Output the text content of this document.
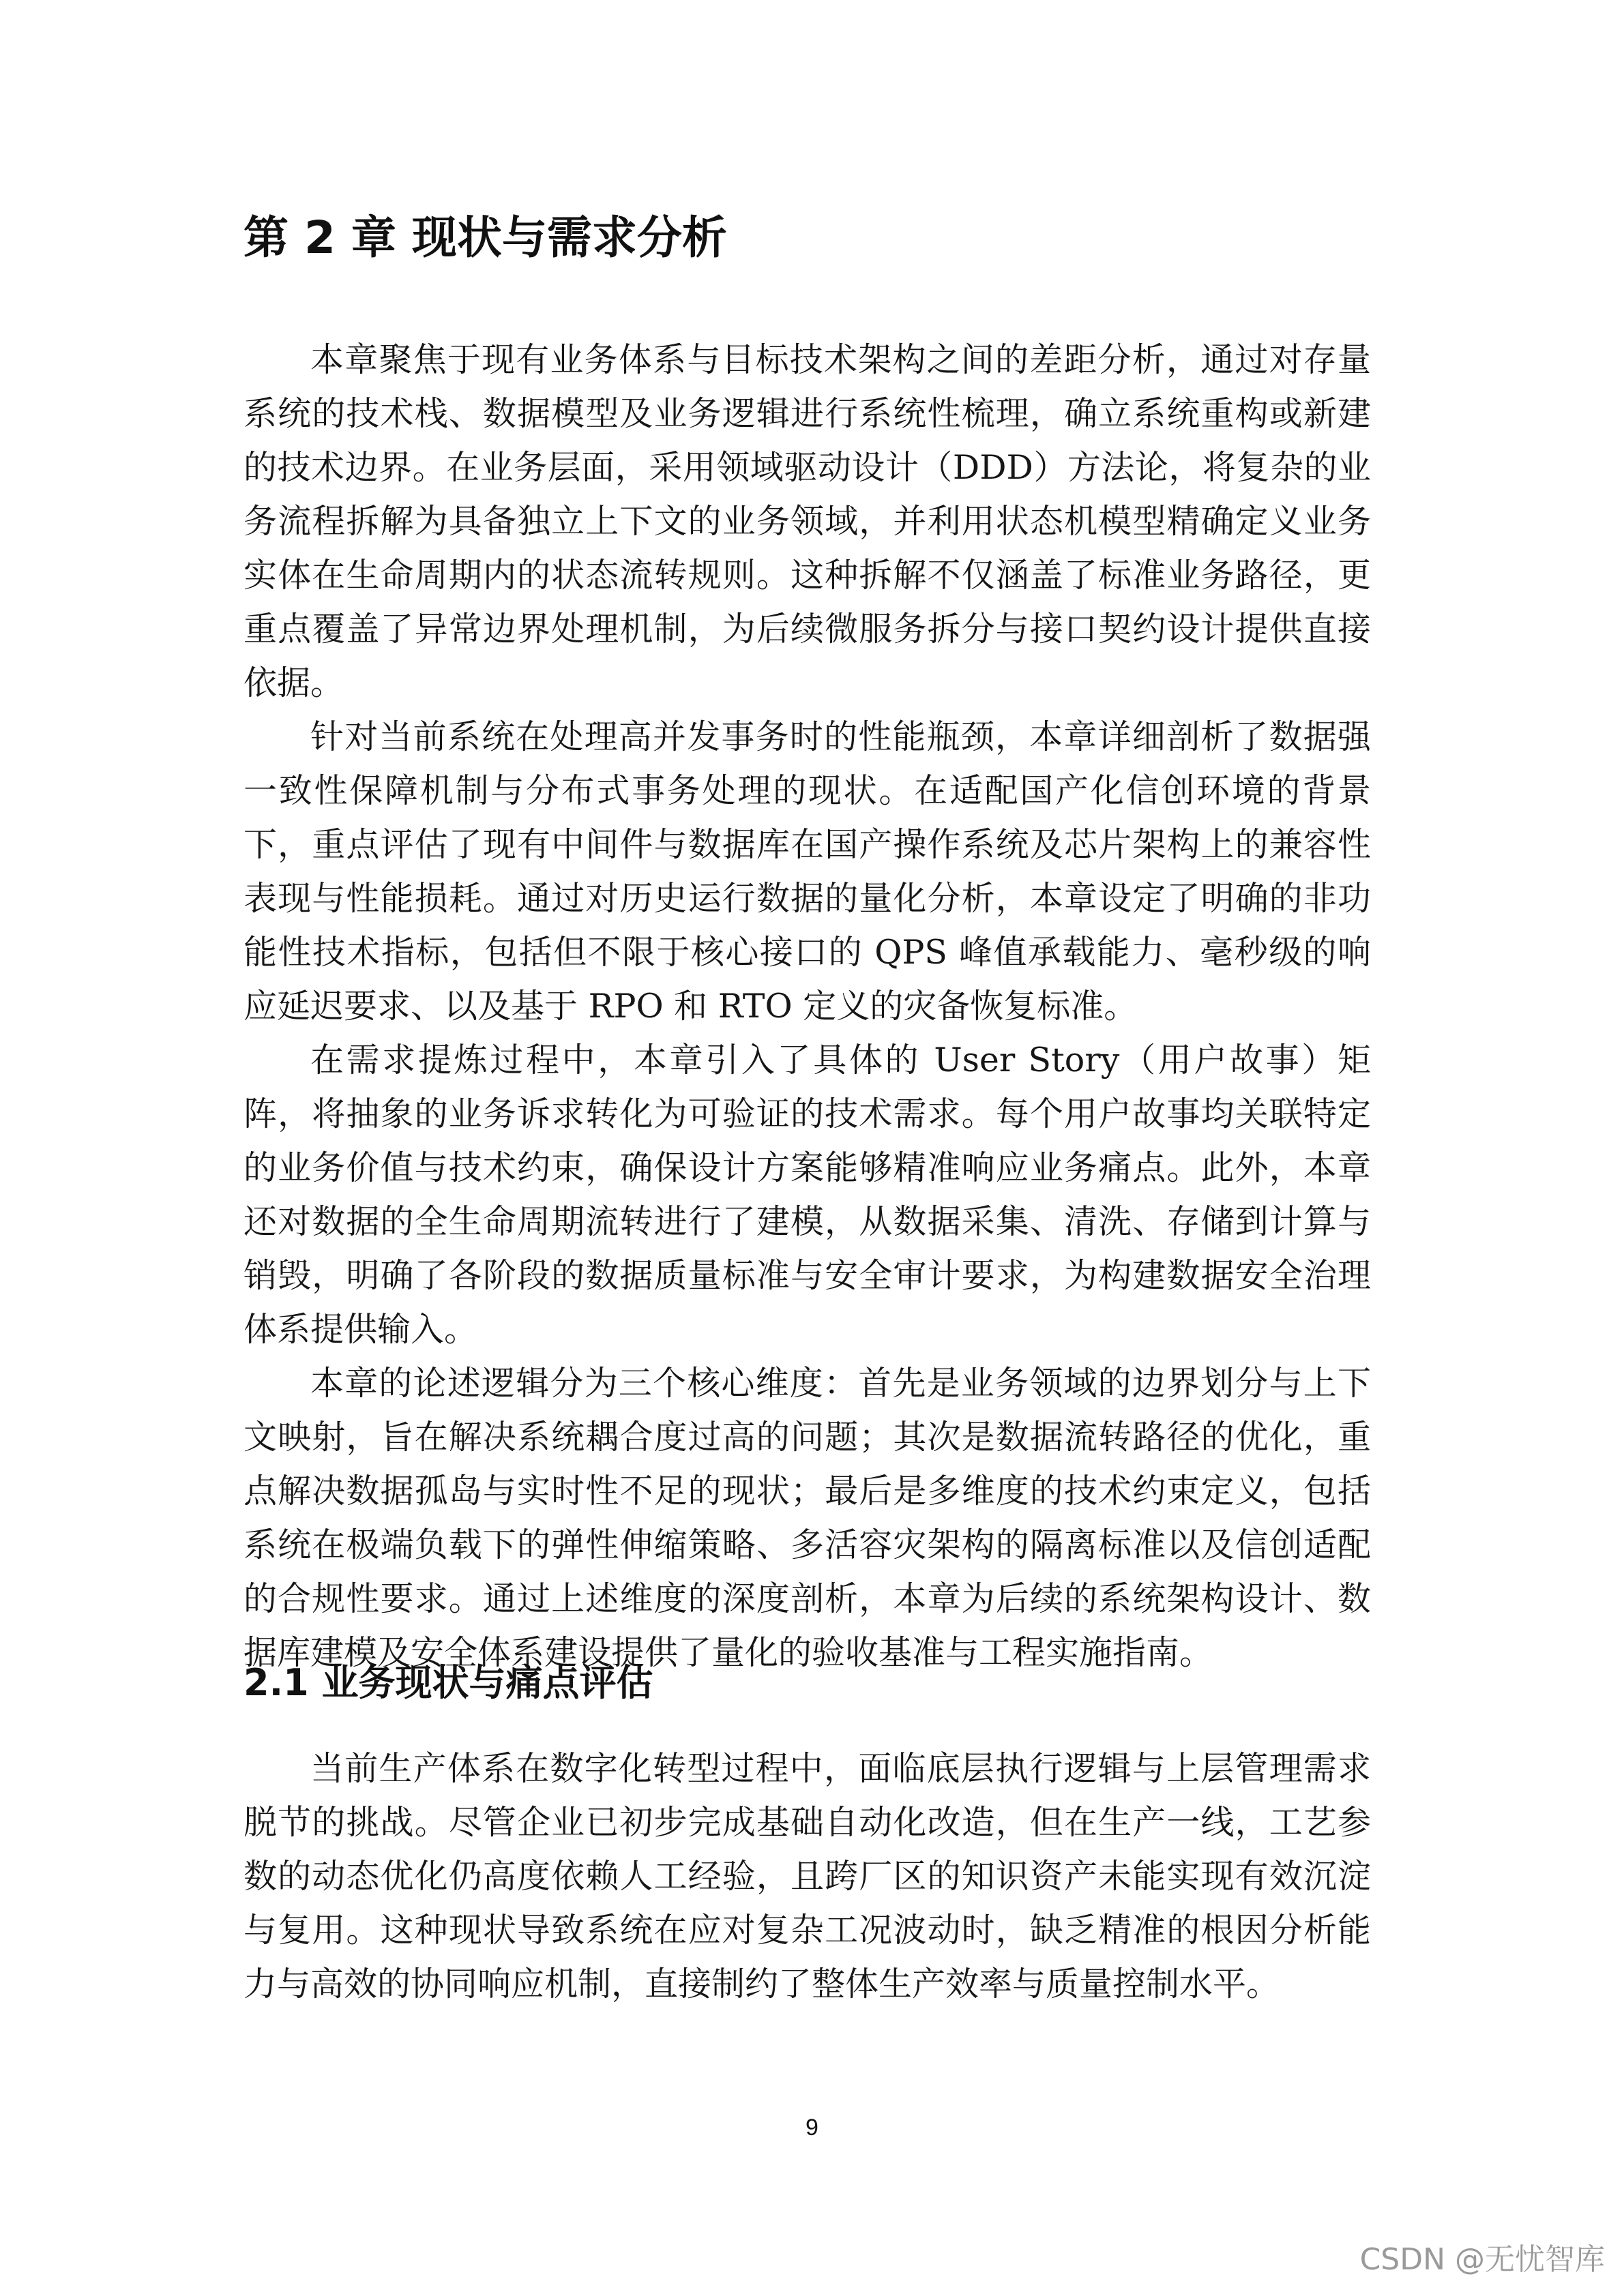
第 2 章 现状与需求分析

本章聚焦于现有业务体系与目标技术架构之间的差距分析，通过对存量系统的技术栈、数据模型及业务逻辑进行系统性梳理，确立系统重构或新建的技术边界。在业务层面，采用领域驱动设计（DDD）方法论，将复杂的业务流程拆解为具备独立上下文的业务领域，并利用状态机模型精确定义业务实体在生命周期内的状态流转规则。这种拆解不仅涵盖了标准业务路径，更重点覆盖了异常边界处理机制，为后续微服务拆分与接口契约设计提供直接依据。

针对当前系统在处理高并发事务时的性能瓶颈，本章详细剖析了数据强一致性保障机制与分布式事务处理的现状。在适配国产化信创环境的背景下，重点评估了现有中间件与数据库在国产操作系统及芯片架构上的兼容性表现与性能损耗。通过对历史运行数据的量化分析，本章设定了明确的非功能性技术指标，包括但不限于核心接口的 QPS 峰值承载能力、毫秒级的响应延迟要求、以及基于 RPO 和 RTO 定义的灾备恢复标准。

在需求提炼过程中，本章引入了具体的 User Story（用户故事）矩阵，将抽象的业务诉求转化为可验证的技术需求。每个用户故事均关联特定的业务价值与技术约束，确保设计方案能够精准响应业务痛点。此外，本章还对数据的全生命周期流转进行了建模，从数据采集、清洗、存储到计算与销毁，明确了各阶段的数据质量标准与安全审计要求，为构建数据安全治理体系提供输入。

本章的论述逻辑分为三个核心维度：首先是业务领域的边界划分与上下文映射，旨在解决系统耦合度过高的问题；其次是数据流转路径的优化，重点解决数据孤岛与实时性不足的现状；最后是多维度的技术约束定义，包括系统在极端负载下的弹性伸缩策略、多活容灾架构的隔离标准以及信创适配的合规性要求。通过上述维度的深度剖析，本章为后续的系统架构设计、数据库建模及安全体系建设提供了量化的验收基准与工程实施指南。

2.1 业务现状与痛点评估

当前生产体系在数字化转型过程中，面临底层执行逻辑与上层管理需求脱节的挑战。尽管企业已初步完成基础自动化改造，但在生产一线，工艺参数的动态优化仍高度依赖人工经验，且跨厂区的知识资产未能实现有效沉淀与复用。这种现状导致系统在应对复杂工况波动时，缺乏精准的根因分析能力与高效的协同响应机制，直接制约了整体生产效率与质量控制水平。

9
CSDN @无忧智库
